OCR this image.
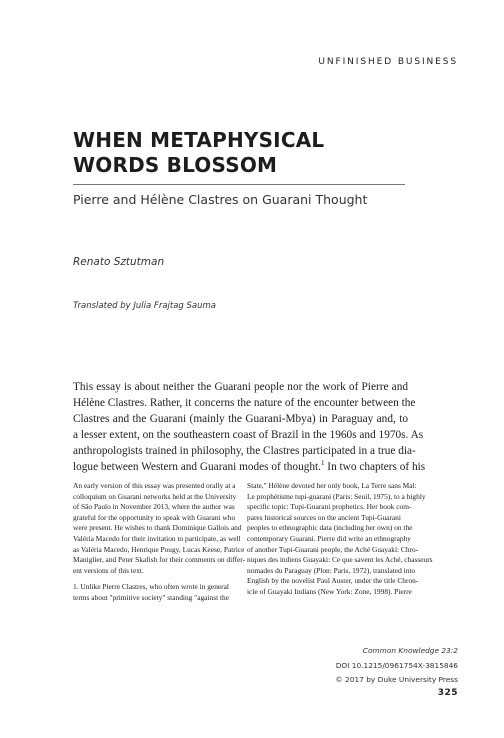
UNFINISHED BUSINESS
WHEN METAPHYSICAL
WORDS BLOSSOM
Pierre and Hélène Clastres on Guarani Thought
Renato Sztutman
Translated by Julia Frajtag Sauma
This essay is about neither the Guarani people nor the work of Pierre and
Hélène Clastres. Rather, it concerns the nature of the encounter between the
Clastres and the Guarani (mainly the Guarani-Mbya) in Paraguay and, to
a lesser extent, on the southeastern coast of Brazil in the 1960s and 1970s. As
anthropologists trained in philosophy, the Clastres participated in a true dia-
logue between Western and Guarani modes of thought.$^1$ In two chapters of his
An early version of this essay was presented orally at a
colloquium on Guarani networks held at the University
of São Paulo in November 2013, where the author was
grateful for the opportunity to speak with Guarani who
were present. He wishes to thank Dominique Gallois and
Valéria Macedo for their invitation to participate, as well
as Valéria Macedo, Henrique Pougy, Lucas Keese, Patrice
Maniglier, and Peter Skafish for their comments on differ-
ent versions of this text.
1. Unlike Pierre Clastres, who often wrote in general
terms about "primitive society" standing "against the
State," Hélène devoted her only book, La Terre sans Mal:
Le prophétisme tupi-guarani (Paris: Seuil, 1975), to a highly
specific topic: Tupi-Guarani prophetics. Her book com-
pares historical sources on the ancient Tupi-Guarani
peoples to ethnographic data (including her own) on the
contemporary Guarani. Pierre did write an ethnography
of another Tupi-Guarani people, the Aché Guayakí: Chro-
niques des indiens Guayaki: Ce que savent les Aché, chasseurs
nomades du Paraguay (Plon: Paris, 1972), translated into
English by the novelist Paul Auster, under the title Chron-
icle of Guayaki Indians (New York: Zone, 1998). Pierre
Common Knowledge 23:2
DOI 10.1215/0961754X-3815846
© 2017 by Duke University Press
325
